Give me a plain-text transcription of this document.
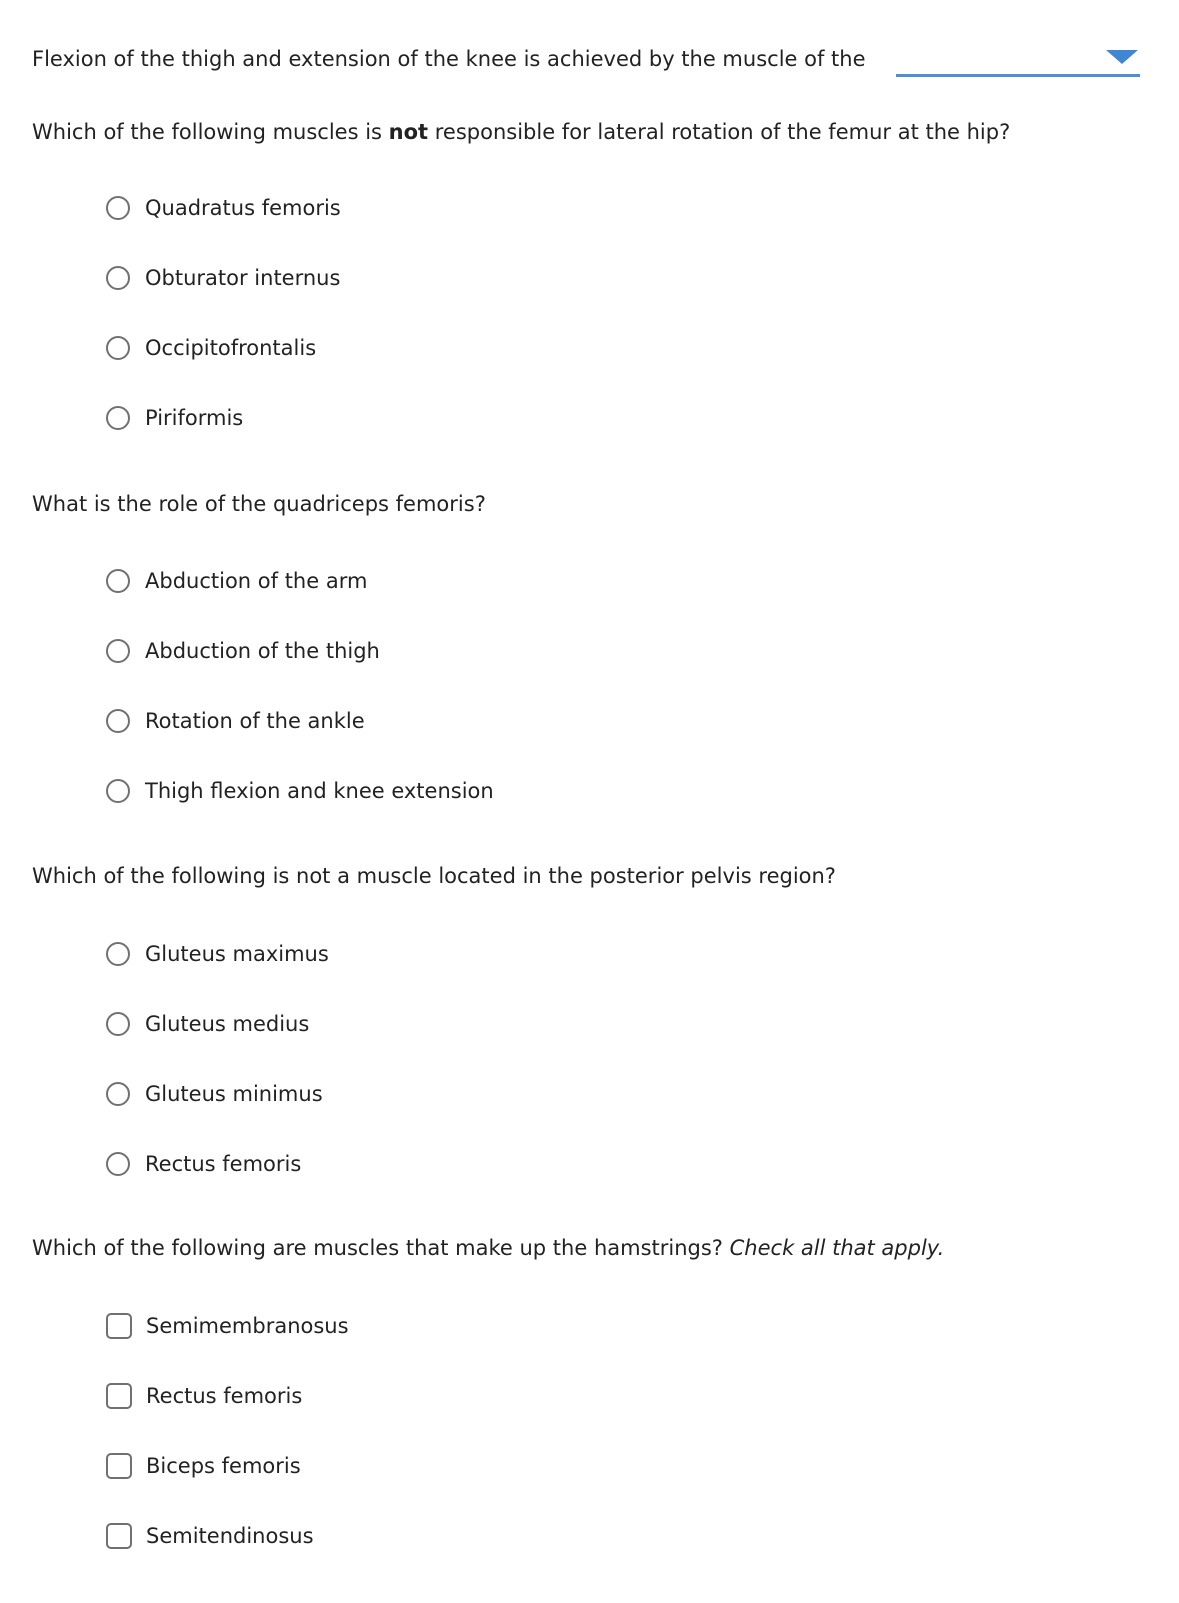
Flexion of the thigh and extension of the knee is achieved by the muscle of the
Which of the following muscles is not responsible for lateral rotation of the femur at the hip?
Quadratus femoris
Obturator internus
Occipitofrontalis
Piriformis
What is the role of the quadriceps femoris?
Abduction of the arm
Abduction of the thigh
Rotation of the ankle
Thigh flexion and knee extension
Which of the following is not a muscle located in the posterior pelvis region?
Gluteus maximus
Gluteus medius
Gluteus minimus
Rectus femoris
Which of the following are muscles that make up the hamstrings? Check all that apply.
Semimembranosus
Rectus femoris
Biceps femoris
Semitendinosus
